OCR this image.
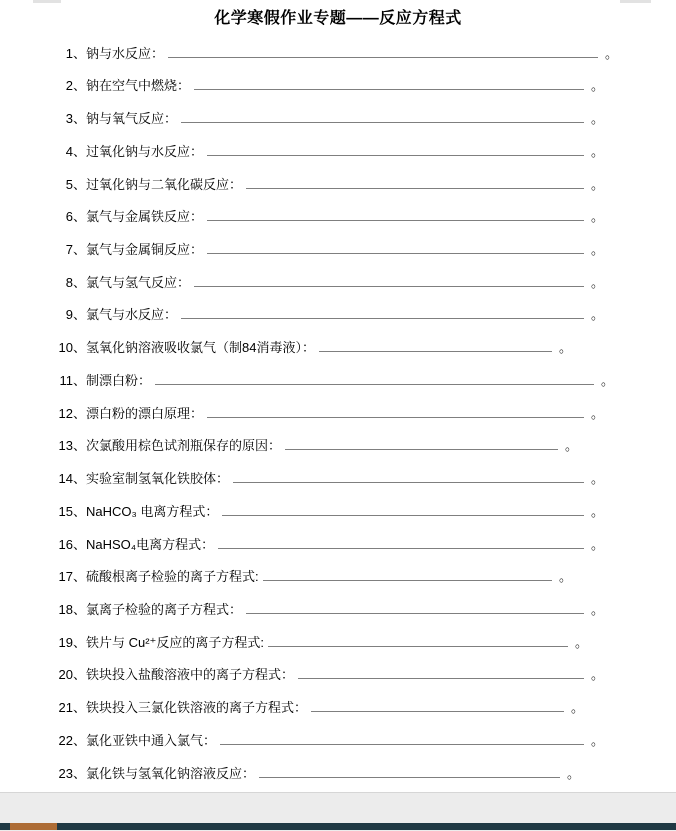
化学寒假作业专题——反应方程式
1、 钠与水反应：	。
2、 钠在空气中燃烧：	。
3、 钠与氧气反应：	。
4、 过氧化钠与水反应：	。
5、 过氧化钠与二氧化碳反应：	。
6、 氯气与金属铁反应：	。
7、 氯气与金属铜反应：	。
8、 氯气与氢气反应：	。
9、 氯气与水反应：	。
10、 氢氧化钠溶液吸收氯气（制84消毒液）：	。
11、 制漂白粉：	。
12、 漂白粉的漂白原理：	。
13、 次氯酸用棕色试剂瓶保存的原因：	。
14、 实验室制氢氧化铁胶体：	。
15、 NaHCO₃ 电离方程式：	。
16、 NaHSO₄电离方程式：	。
17、 硫酸根离子检验的离子方程式:	。
18、 氯离子检验的离子方程式：	。
19、 铁片与 Cu²⁺反应的离子方程式:	。
20、 铁块投入盐酸溶液中的离子方程式：	。
21、 铁块投入三氯化铁溶液的离子方程式：	。
22、 氯化亚铁中通入氯气：	。
23、 氯化铁与氢氧化钠溶液反应：	。
